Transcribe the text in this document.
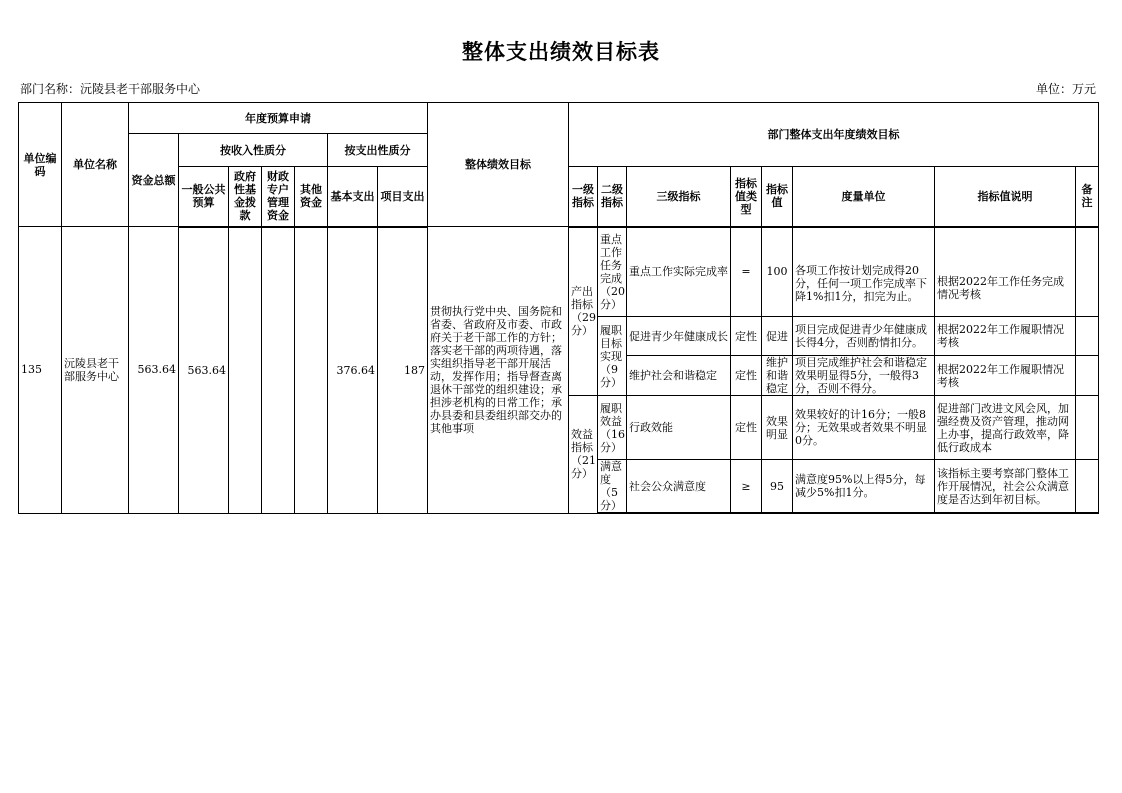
整体支出绩效目标表
部门名称：沅陵县老干部服务中心	单位：万元
单位编码	单位名称	年度预算申请							整体绩效目标	部门整体支出年度绩效目标							
		资金总额	按收入性质分				按支出性质分										
			一般公共预算	政府性基金拨款	财政专户管理资金	其他资金	基本支出	项目支出		一级指标	二级指标	三级指标	指标值类型	指标值	度量单位	指标值说明	备注
135	沅陵县老干部服务中心	563.64	563.64				376.64	187	贯彻执行党中央、国务院和省委、省政府及市委、市政府关于老干部工作的方针；落实老干部的两项待遇，落实组织指导老干部开展活动，发挥作用；指导督查离退休干部党的组织建设；承担涉老机构的日常工作；承办县委和县委组织部交办的其他事项	产出指标（29分）	重点工作任务完成（20分）	重点工作实际完成率	=	100	各项工作按计划完成得20分，任何一项工作完成率下降1%扣1分，扣完为止。	根据2022年工作任务完成情况考核	
											履职目标实现（9分）	促进青少年健康成长	定性	促进	项目完成促进青少年健康成长得4分，否则酌情扣分。	根据2022年工作履职情况考核	
												维护社会和谐稳定	定性	维护和谐稳定	项目完成维护社会和谐稳定效果明显得5分，一般得3分，否则不得分。	根据2022年工作履职情况考核	
										效益指标（21分）	履职效益（16分）	行政效能	定性	效果明显	效果较好的计16分；一般8分；无效果或者效果不明显0分。	促进部门改进文风会风，加强经费及资产管理，推动网上办事，提高行政效率，降低行政成本	
											满意度（5分）	社会公众满意度	≥	95	满意度95%以上得5分，每减少5%扣1分。	该指标主要考察部门整体工作开展情况，社会公众满意度是否达到年初目标。	
